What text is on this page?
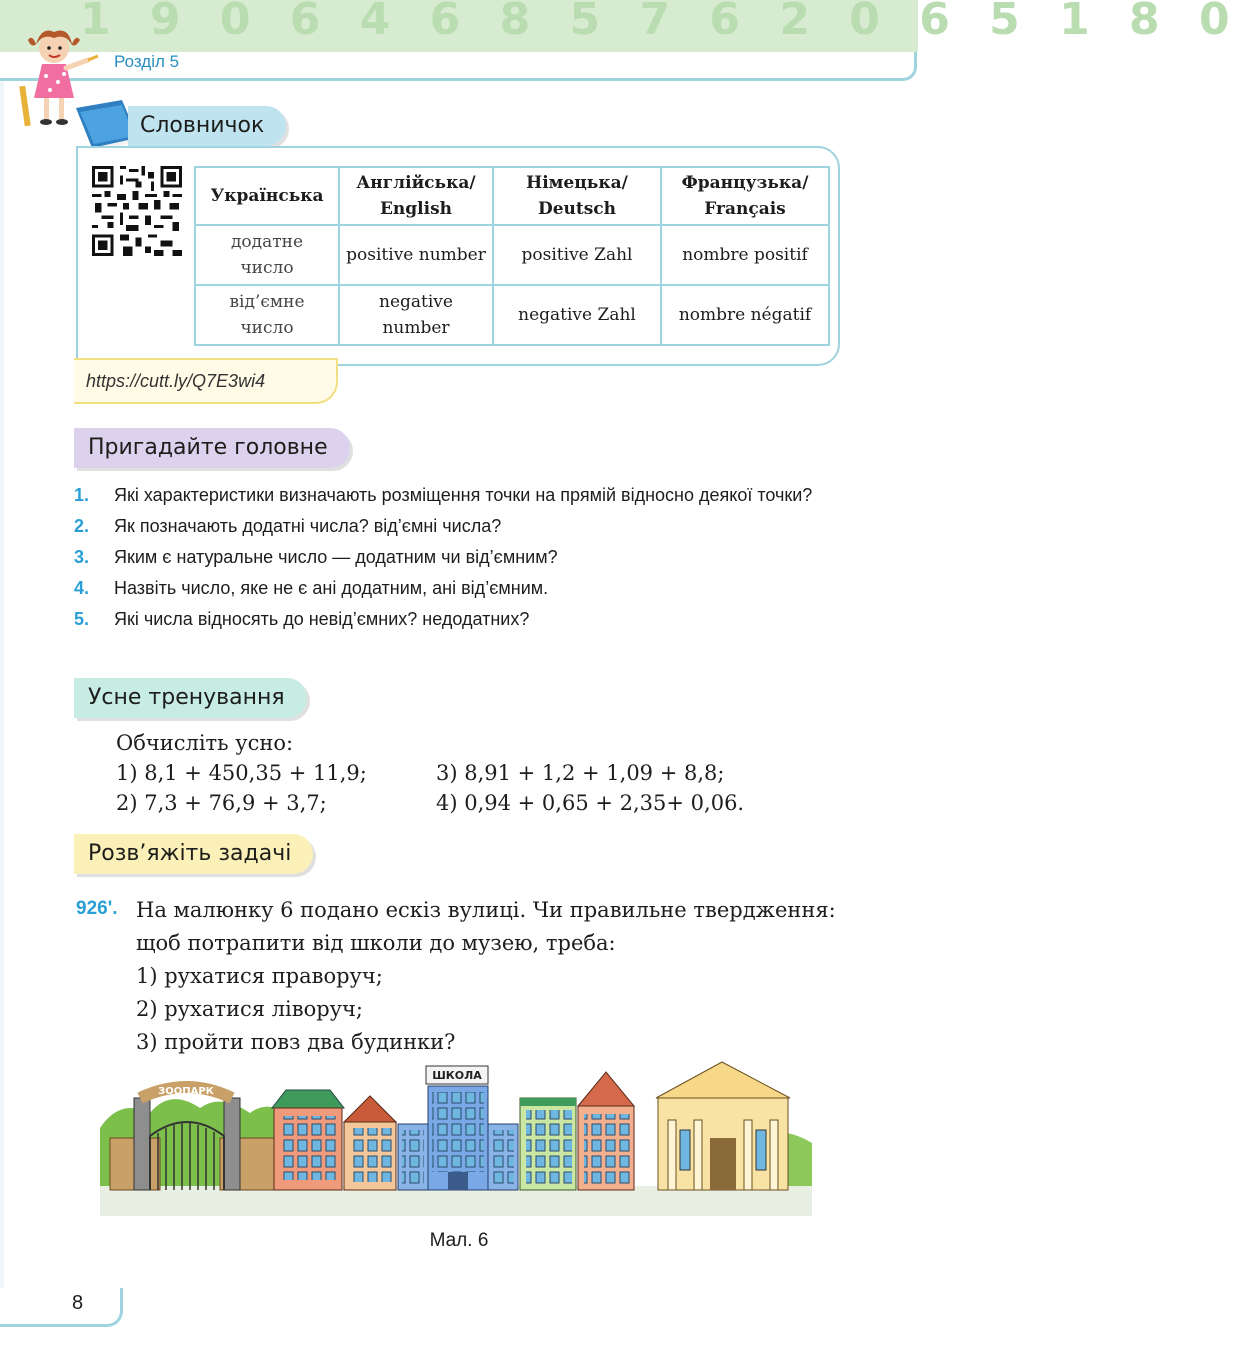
1 9 0 6 4 6 8 5 7 6 2 0 6 5 1 8 0
Розділ 5
Словничок
Українська	Англійська/ English	Німецька/ Deutsch	Французька/ Français
додатне число	positive number	positive Zahl	nombre positif
від’ємне число	negative number	negative Zahl	nombre négatif
https://cutt.ly/Q7E3wi4
Пригадайте головне
1.	Які характеристики визначають розміщення точки на прямій відносно деякої точки?
2.	Як позначають додатні числа? від’ємні числа?
3.	Яким є натуральне число — додатним чи від’ємним?
4.	Назвіть число, яке не є ані додатним, ані від’ємним.
5.	Які числа відносять до невід’ємних? недодатних?
Усне тренування
Обчисліть усно:
1) 8,1 + 450,35 + 11,9;	3) 8,91 + 1,2 + 1,09 + 8,8;
2) 7,3 + 76,9 + 3,7;	4) 0,94 + 0,65 + 2,35+ 0,06.
Розв’яжіть задачі
926'. На малюнку 6 подано ескіз вулиці. Чи правильне твердження: щоб потрапити від школи до музею, треба:
1) рухатися праворуч;
2) рухатися ліворуч;
3) пройти повз два будинки?
ЗООПАРК
ШКОЛА
Мал. 6
8
